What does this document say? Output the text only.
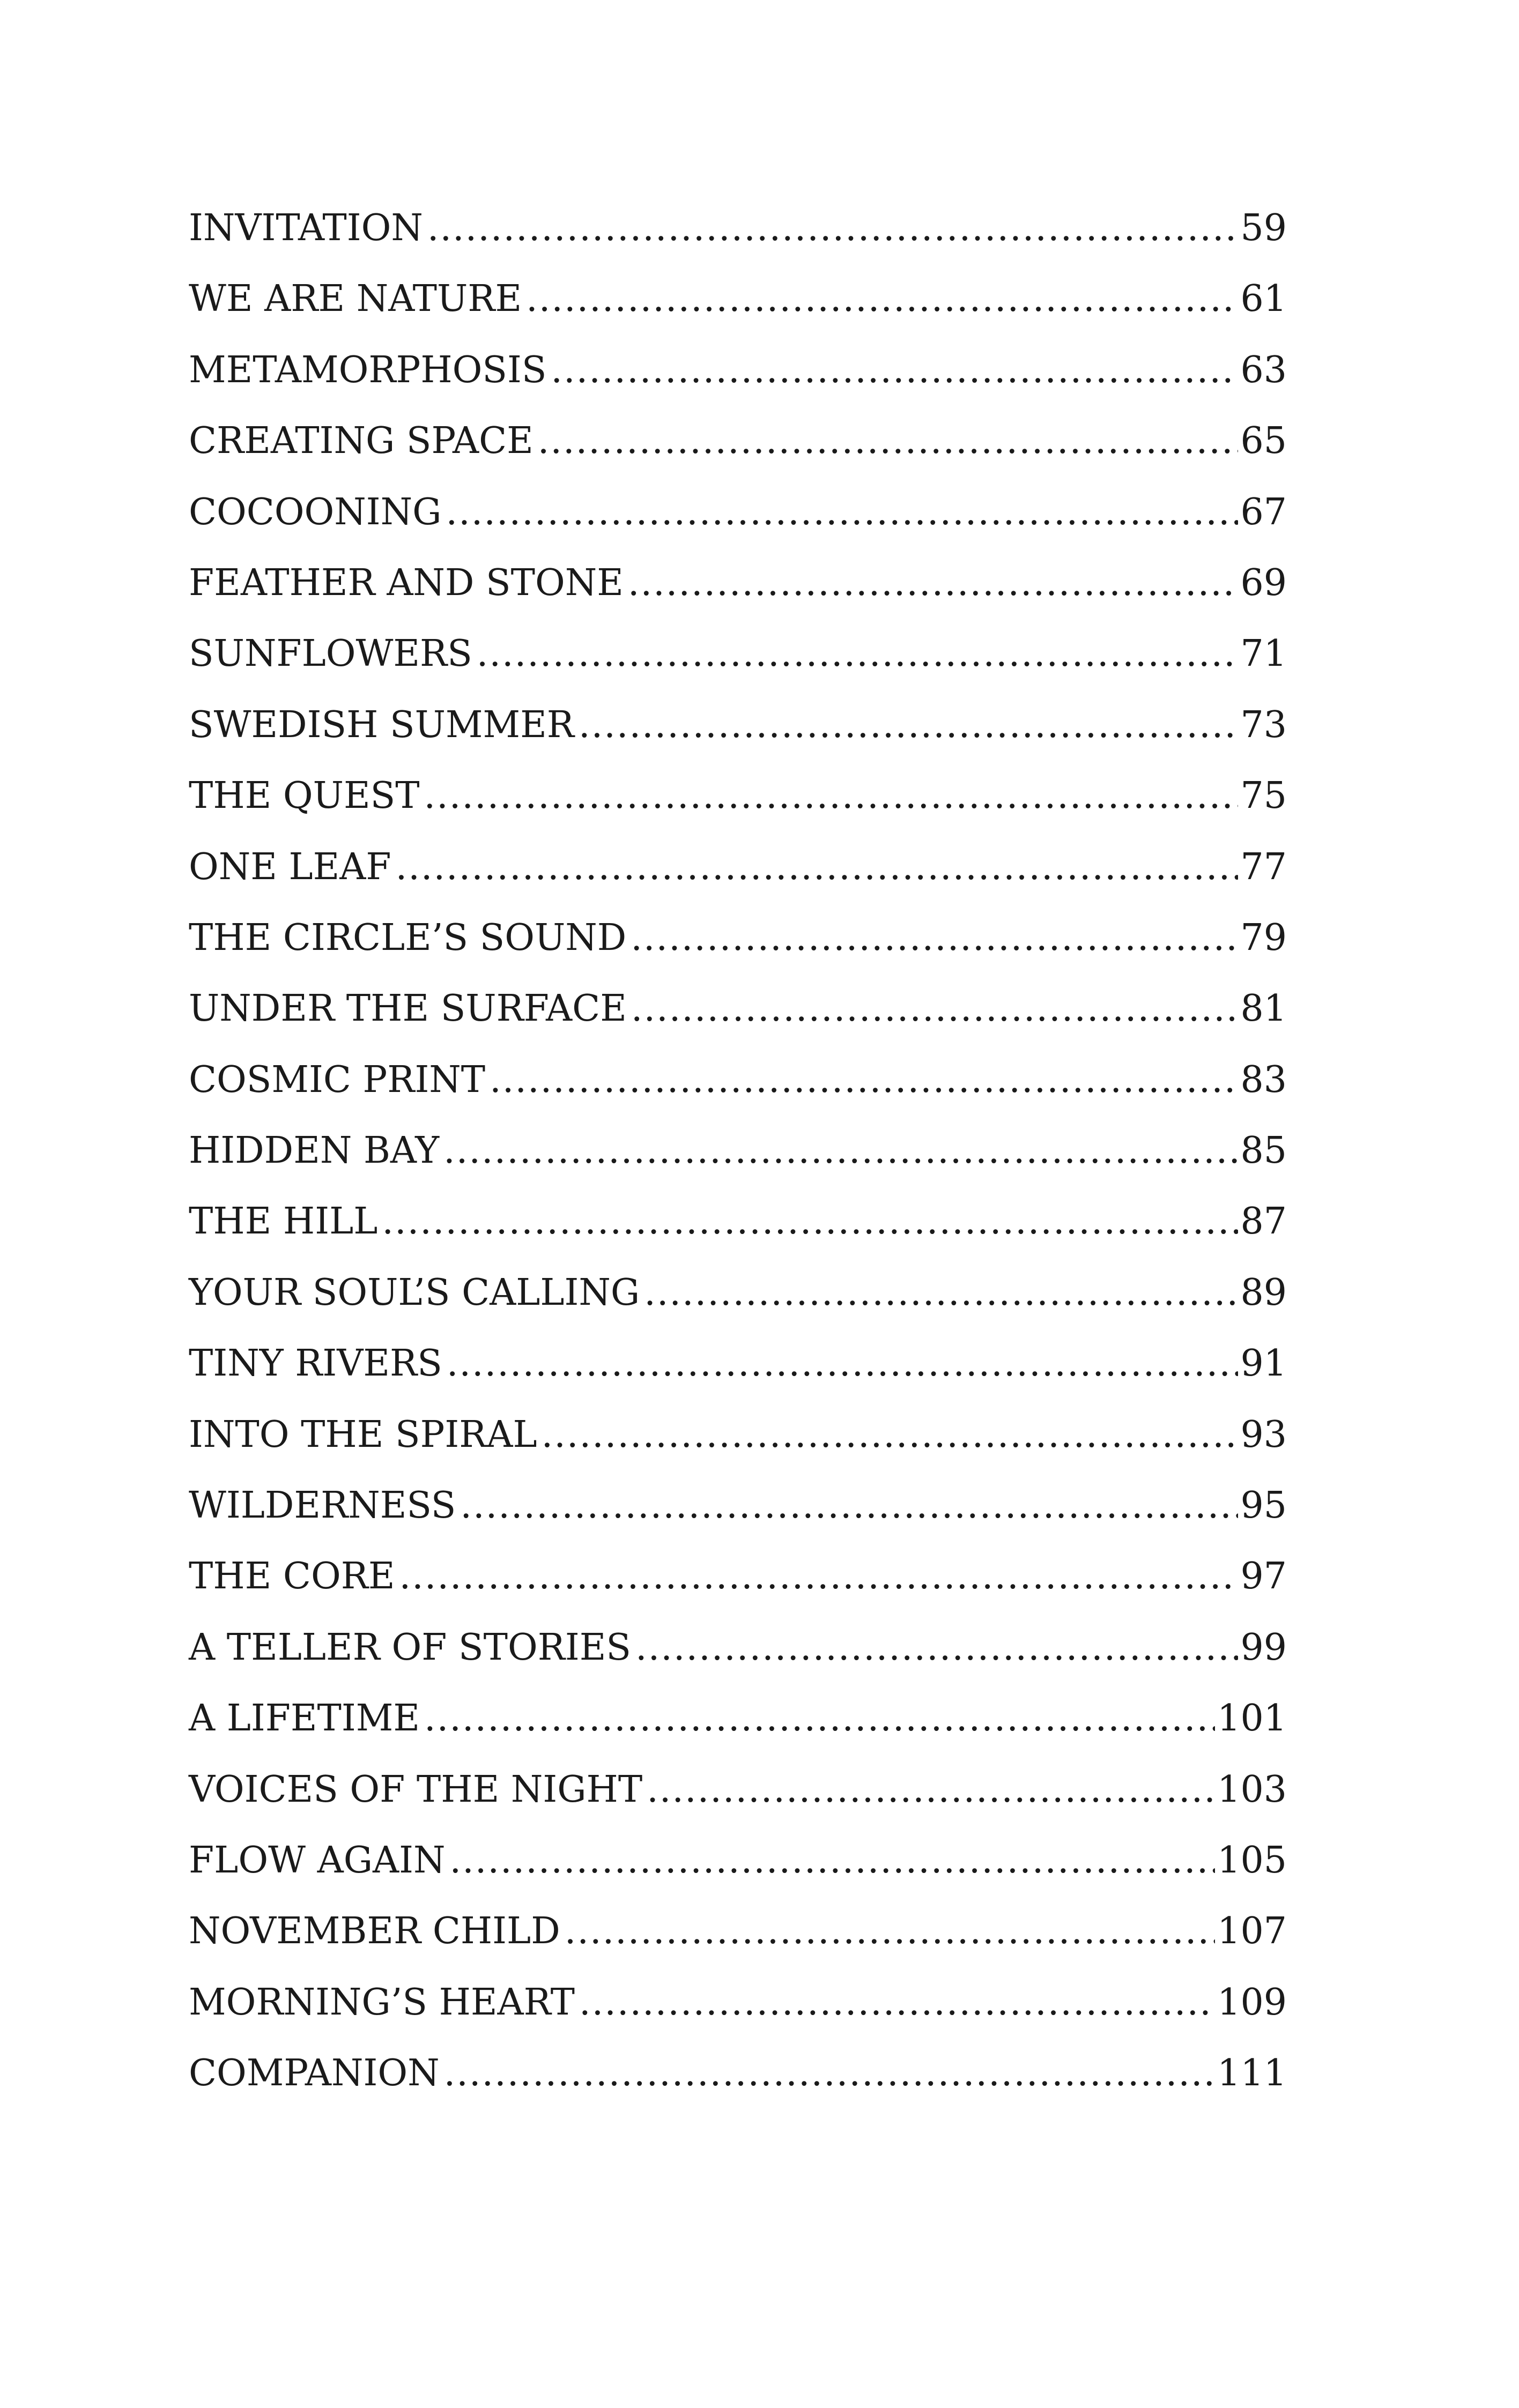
INVITATION .....	59
WE ARE NATURE .....	61
METAMORPHOSIS .....	63
CREATING SPACE .....	65
COCOONING .....	67
FEATHER AND STONE .....	69
SUNFLOWERS .....	71
SWEDISH SUMMER .....	73
THE QUEST .....	75
ONE LEAF .....	77
THE CIRCLE’S SOUND .....	79
UNDER THE SURFACE .....	81
COSMIC PRINT .....	83
HIDDEN BAY .....	85
THE HILL .....	87
YOUR SOUL’S CALLING .....	89
TINY RIVERS .....	91
INTO THE SPIRAL .....	93
WILDERNESS .....	95
THE CORE .....	97
A TELLER OF STORIES .....	99
A LIFETIME .....	101
VOICES OF THE NIGHT .....	103
FLOW AGAIN .....	105
NOVEMBER CHILD .....	107
MORNING’S HEART .....	109
COMPANION .....	111
